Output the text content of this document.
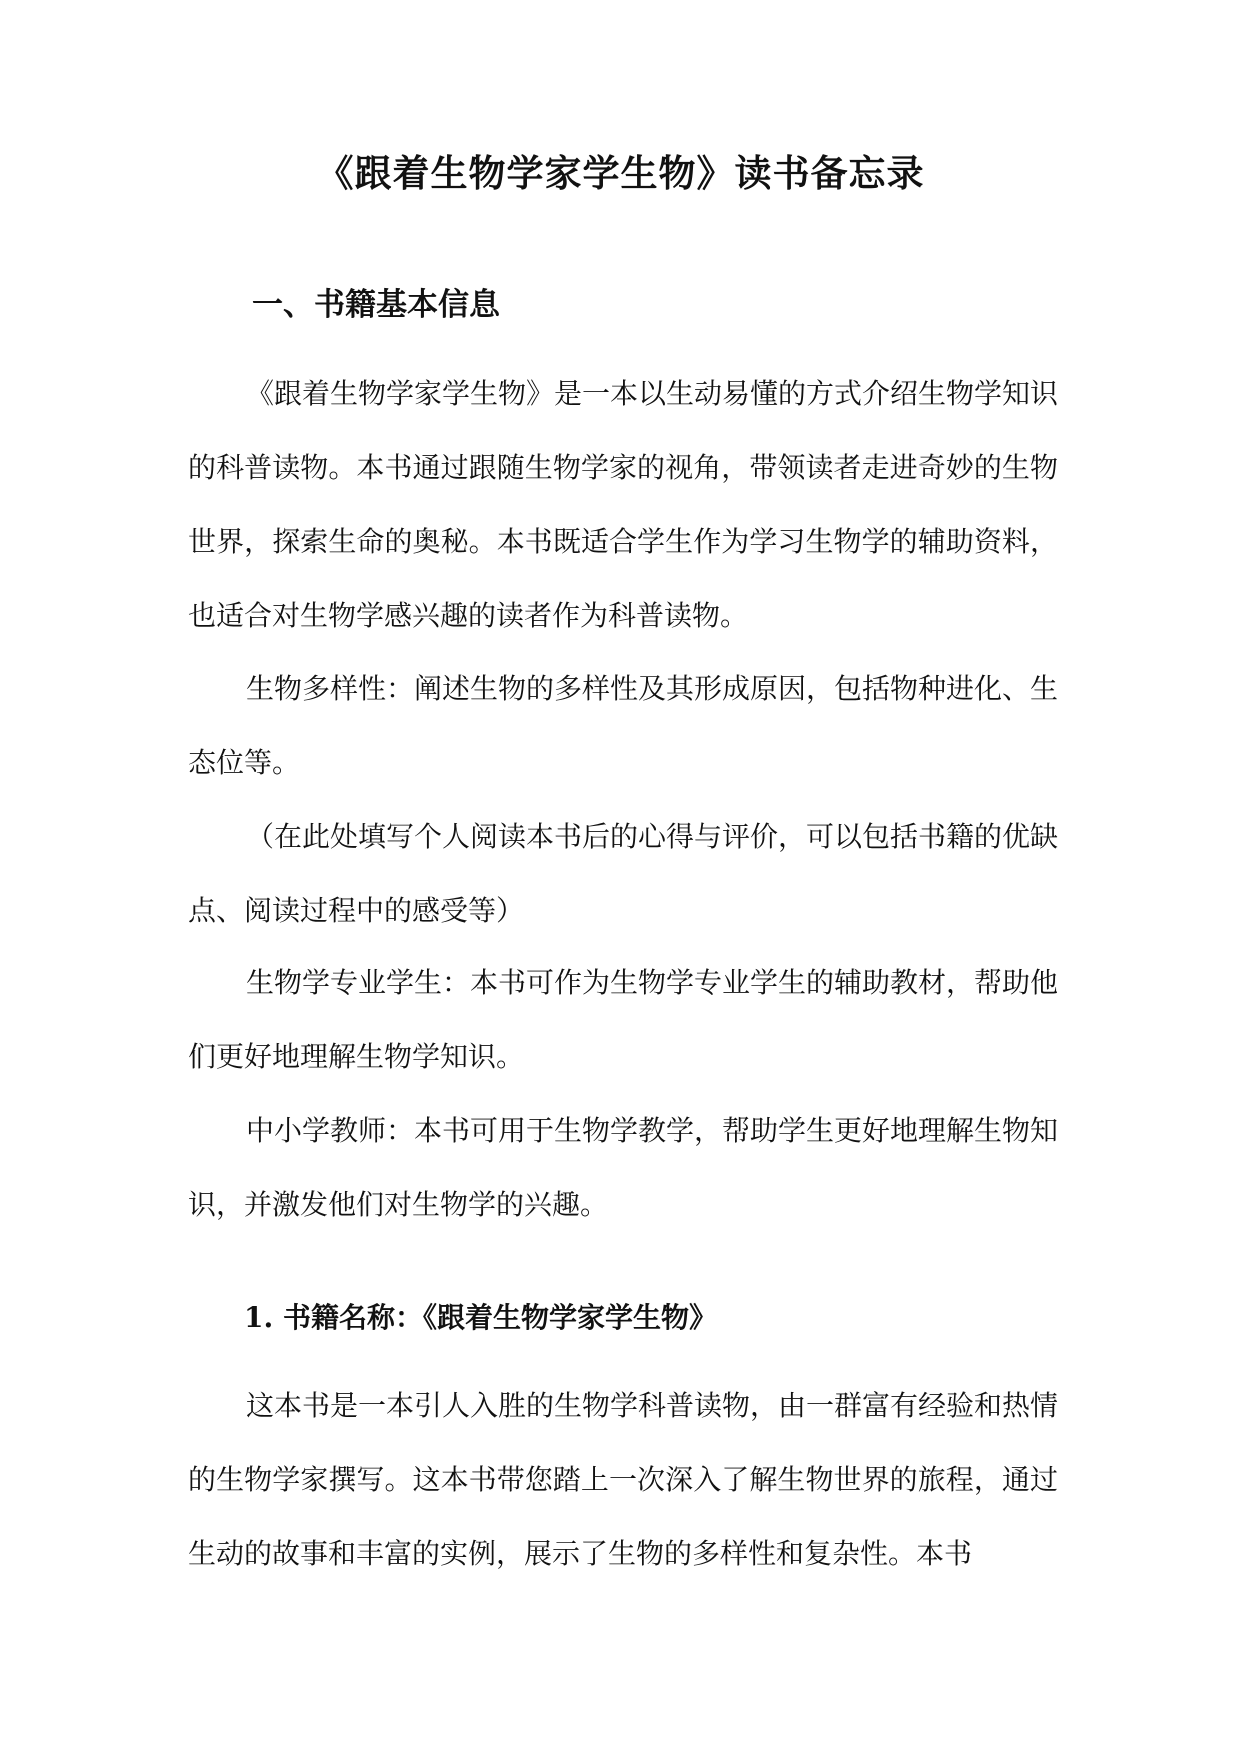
《跟着生物学家学生物》读书备忘录
一、书籍基本信息

《跟着生物学家学生物》是一本以生动易懂的方式介绍生物学知识的科普读物。本书通过跟随生物学家的视角，带领读者走进奇妙的生物世界，探索生命的奥秘。本书既适合学生作为学习生物学的辅助资料，也适合对生物学感兴趣的读者作为科普读物。

生物多样性：阐述生物的多样性及其形成原因，包括物种进化、生态位等。

（在此处填写个人阅读本书后的心得与评价，可以包括书籍的优缺点、阅读过程中的感受等）

生物学专业学生：本书可作为生物学专业学生的辅助教材，帮助他们更好地理解生物学知识。

中小学教师：本书可用于生物学教学，帮助学生更好地理解生物知识，并激发他们对生物学的兴趣。

1. 书籍名称：《跟着生物学家学生物》

这本书是一本引人入胜的生物学科普读物，由一群富有经验和热情的生物学家撰写。这本书带您踏上一次深入了解生物世界的旅程，通过生动的故事和丰富的实例，展示了生物的多样性和复杂性。本书
